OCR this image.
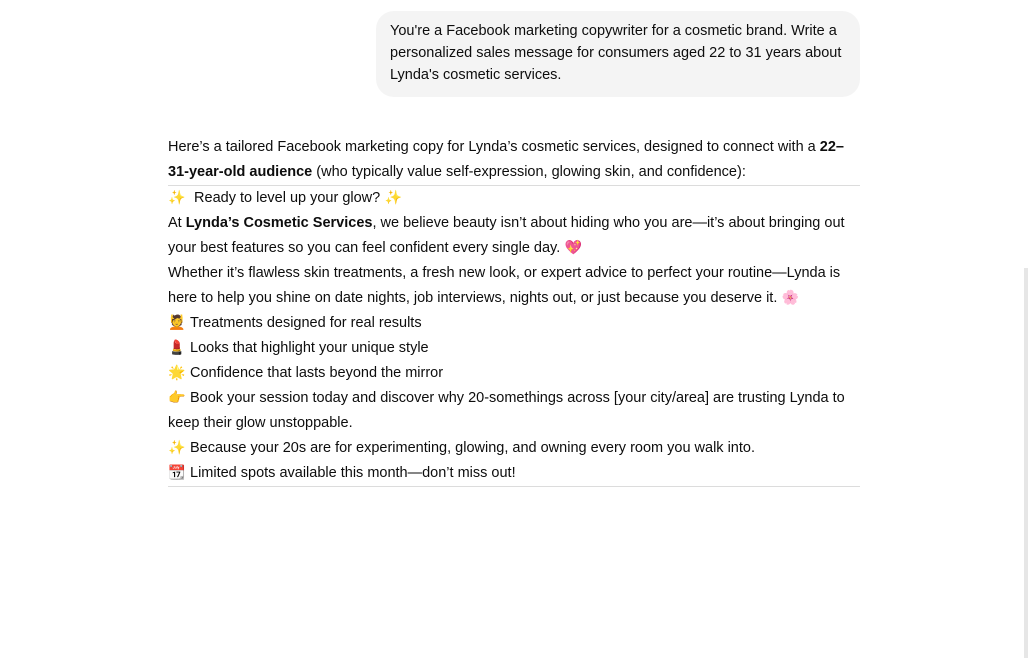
You're a Facebook marketing copywriter for a cosmetic brand. Write a personalized sales message for consumers aged 22 to 31 years about Lynda's cosmetic services.

Here’s a tailored Facebook marketing copy for Lynda’s cosmetic services, designed to connect with a 22–31-year-old audience (who typically value self-expression, glowing skin, and confidence):

✨ Ready to level up your glow? ✨

At Lynda’s Cosmetic Services, we believe beauty isn’t about hiding who you are—it’s about bringing out your best features so you can feel confident every single day. 💖

Whether it’s flawless skin treatments, a fresh new look, or expert advice to perfect your routine—Lynda is here to help you shine on date nights, job interviews, nights out, or just because you deserve it. 🌸

💆 Treatments designed for real results
💄 Looks that highlight your unique style
🌟 Confidence that lasts beyond the mirror

👉 Book your session today and discover why 20-somethings across [your city/area] are trusting Lynda to keep their glow unstoppable.

✨ Because your 20s are for experimenting, glowing, and owning every room you walk into.

📆 Limited spots available this month—don’t miss out!
